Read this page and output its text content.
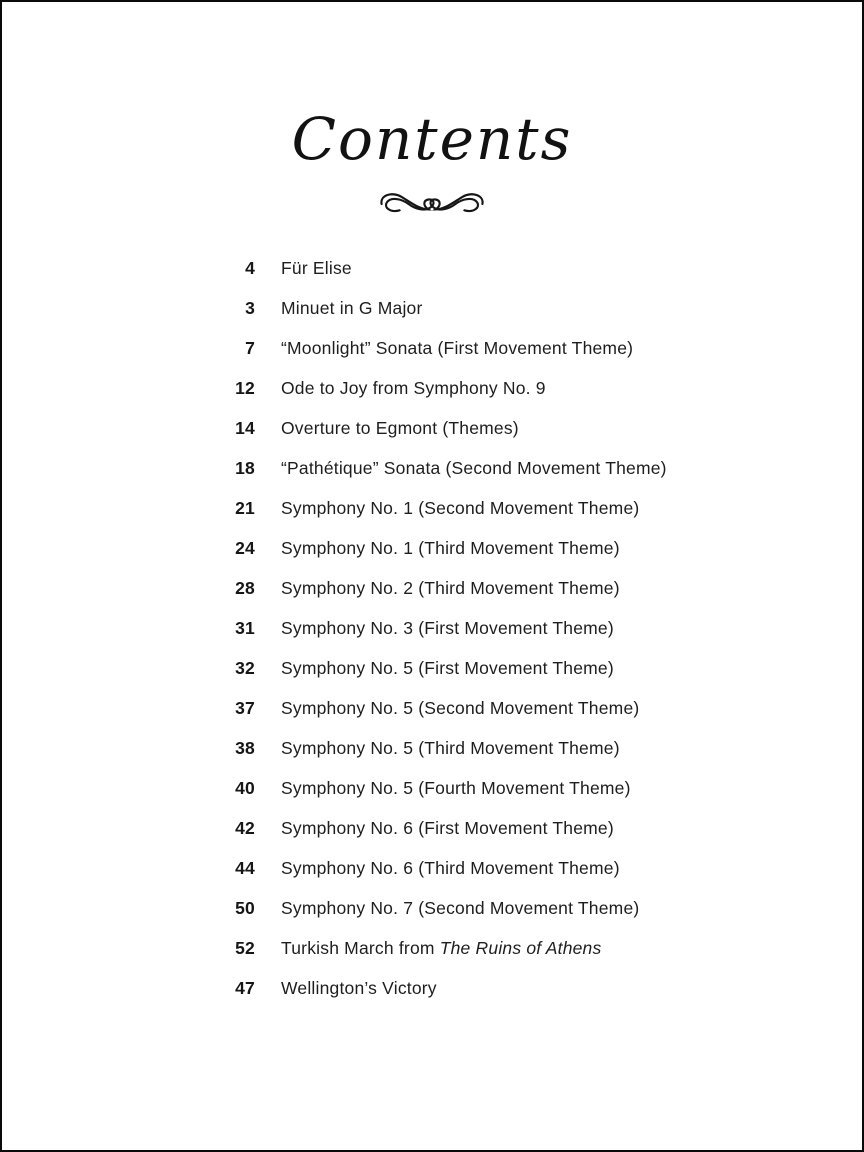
Contents
4 Für Elise
3 Minuet in G Major
7 “Moonlight” Sonata (First Movement Theme)
12 Ode to Joy from Symphony No. 9
14 Overture to Egmont (Themes)
18 “Pathétique” Sonata (Second Movement Theme)
21 Symphony No. 1 (Second Movement Theme)
24 Symphony No. 1 (Third Movement Theme)
28 Symphony No. 2 (Third Movement Theme)
31 Symphony No. 3 (First Movement Theme)
32 Symphony No. 5 (First Movement Theme)
37 Symphony No. 5 (Second Movement Theme)
38 Symphony No. 5 (Third Movement Theme)
40 Symphony No. 5 (Fourth Movement Theme)
42 Symphony No. 6 (First Movement Theme)
44 Symphony No. 6 (Third Movement Theme)
50 Symphony No. 7 (Second Movement Theme)
52 Turkish March from The Ruins of Athens
47 Wellington’s Victory
